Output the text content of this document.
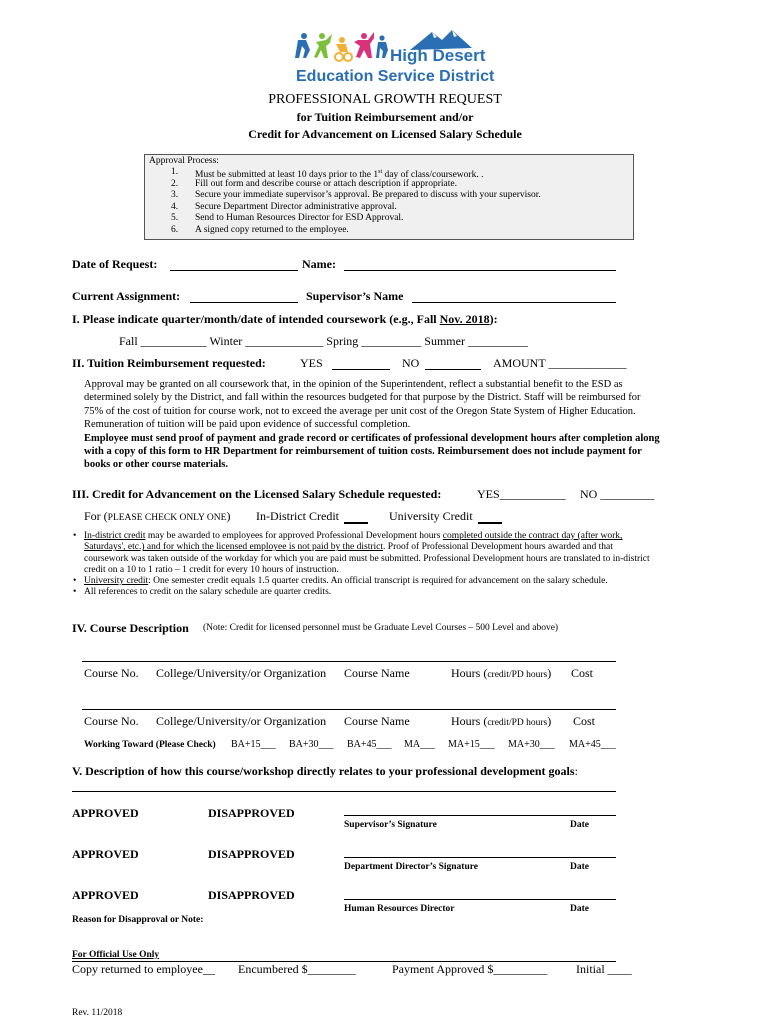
High Desert
Education Service District
PROFESSIONAL GROWTH REQUEST
for Tuition Reimbursement and/or
Credit for Advancement on Licensed Salary Schedule
Approval Process:
1. Must be submitted at least 10 days prior to the 1st day of class/coursework. .
2. Fill out form and describe course or attach description if appropriate.
3. Secure your immediate supervisor’s approval. Be prepared to discuss with your supervisor.
4. Secure Department Director administrative approval.
5. Send to Human Resources Director for ESD Approval.
6. A signed copy returned to the employee.
Date of Request:	Name:
Current Assignment:	Supervisor’s Name
I. Please indicate quarter/month/date of intended coursework (e.g., Fall Nov. 2018):
Fall ___________ Winter _____________ Spring __________ Summer __________
II. Tuition Reimbursement requested:	YES	NO	AMOUNT _____________
Approval may be granted on all coursework that, in the opinion of the Superintendent, reflect a substantial benefit to the ESD as
determined solely by the District, and fall within the resources budgeted for that purpose by the District. Staff will be reimbursed for
75% of the cost of tuition for course work, not to exceed the average per unit cost of the Oregon State System of Higher Education.
Remuneration of tuition will be paid upon evidence of successful completion.
Employee must send proof of payment and grade record or certificates of professional development hours after completion along
with a copy of this form to HR Department for reimbursement of tuition costs. Reimbursement does not include payment for
books or other course materials.
III. Credit for Advancement on the Licensed Salary Schedule requested:	YES___________ NO _________
For (PLEASE CHECK ONLY ONE) In-District Credit	University Credit
• In-district credit may be awarded to employees for approved Professional Development hours completed outside the contract day (after work,
Saturdays', etc.) and for which the licensed employee is not paid by the district. Proof of Professional Development hours awarded and that
coursework was taken outside of the workday for which you are paid must be submitted. Professional Development hours are translated to in-district
credit on a 10 to 1 ratio – 1 credit for every 10 hours of instruction.
• University credit: One semester credit equals 1.5 quarter credits. An official transcript is required for advancement on the salary schedule.
• All references to credit on the salary schedule are quarter credits.
IV. Course Description (Note: Credit for licensed personnel must be Graduate Level Courses – 500 Level and above)
Course No. College/University/or Organization Course Name	Hours (credit/PD hours) Cost
Course No. College/University/or Organization Course Name	Hours (credit/PD hours) Cost
Working Toward (Please Check) BA+15___ BA+30___ BA+45___ MA___ MA+15___ MA+30___ MA+45___
V. Description of how this course/workshop directly relates to your professional development goals:
APPROVED	DISAPPROVED
Supervisor’s Signature	Date
APPROVED	DISAPPROVED
Department Director’s Signature	Date
APPROVED	DISAPPROVED
Human Resources Director	Date
Reason for Disapproval or Note:
For Official Use Only
Copy returned to employee__ Encumbered $________	Payment Approved $_________ Initial ____
Rev. 11/2018
